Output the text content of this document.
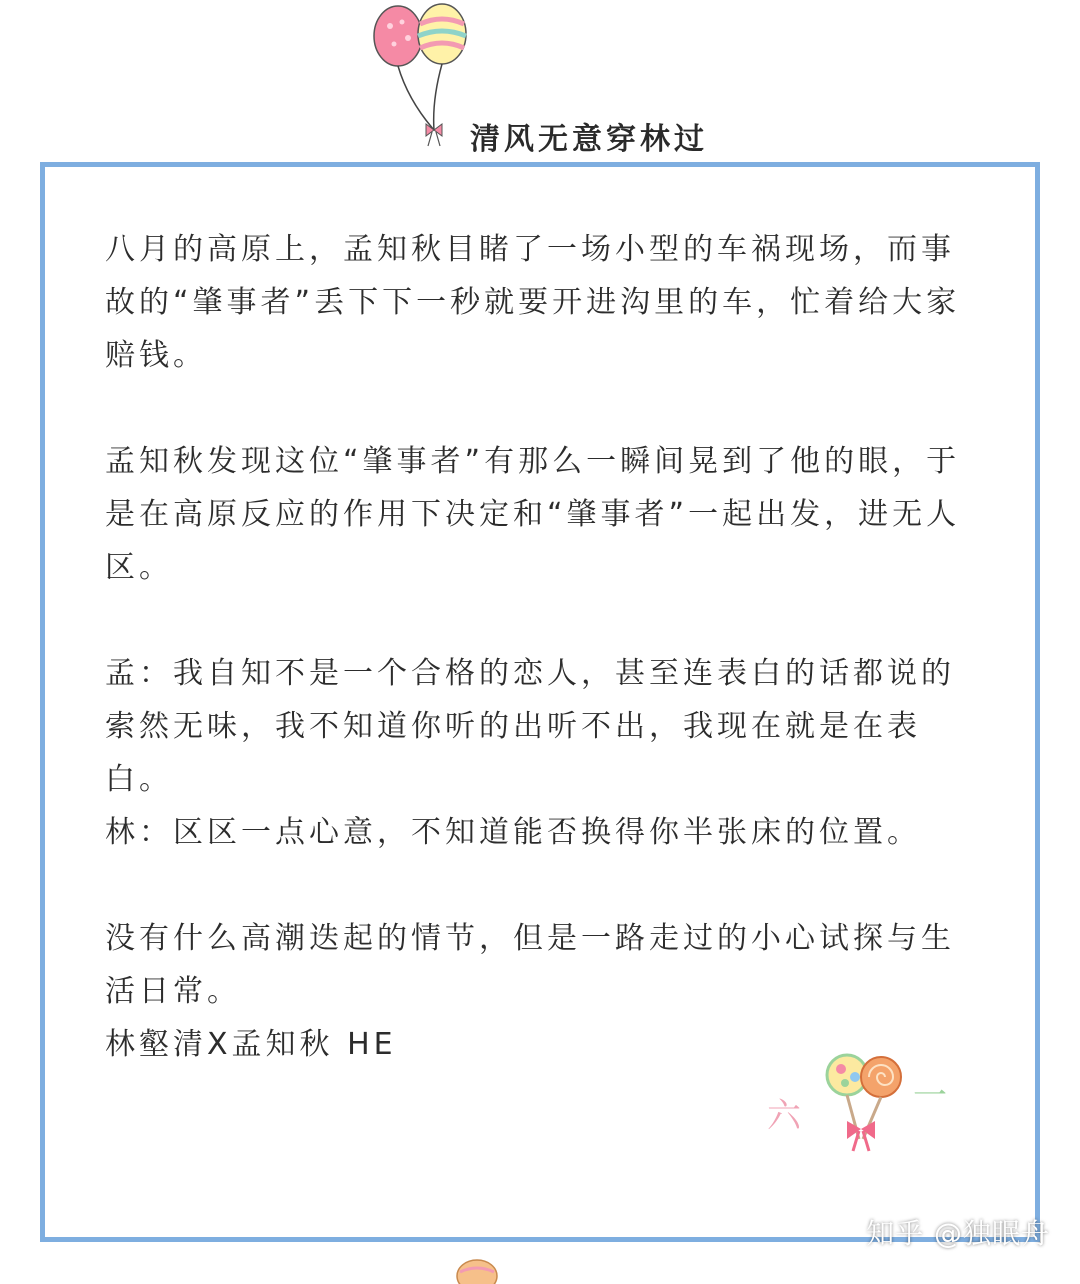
清风无意穿林过

八月的高原上，孟知秋目睹了一场小型的车祸现场，而事故的“肇事者”丢下下一秒就要开进沟里的车，忙着给大家赔钱。

孟知秋发现这位“肇事者”有那么一瞬间晃到了他的眼，于是在高原反应的作用下决定和“肇事者”一起出发，进无人区。

孟：我自知不是一个合格的恋人，甚至连表白的话都说的索然无味，我不知道你听的出听不出，我现在就是在表白。

林：区区一点心意，不知道能否换得你半张床的位置。

没有什么高潮迭起的情节，但是一路走过的小心试探与生活日常。

林壑清X孟知秋 HE

六	一
知乎 @独眠舟
